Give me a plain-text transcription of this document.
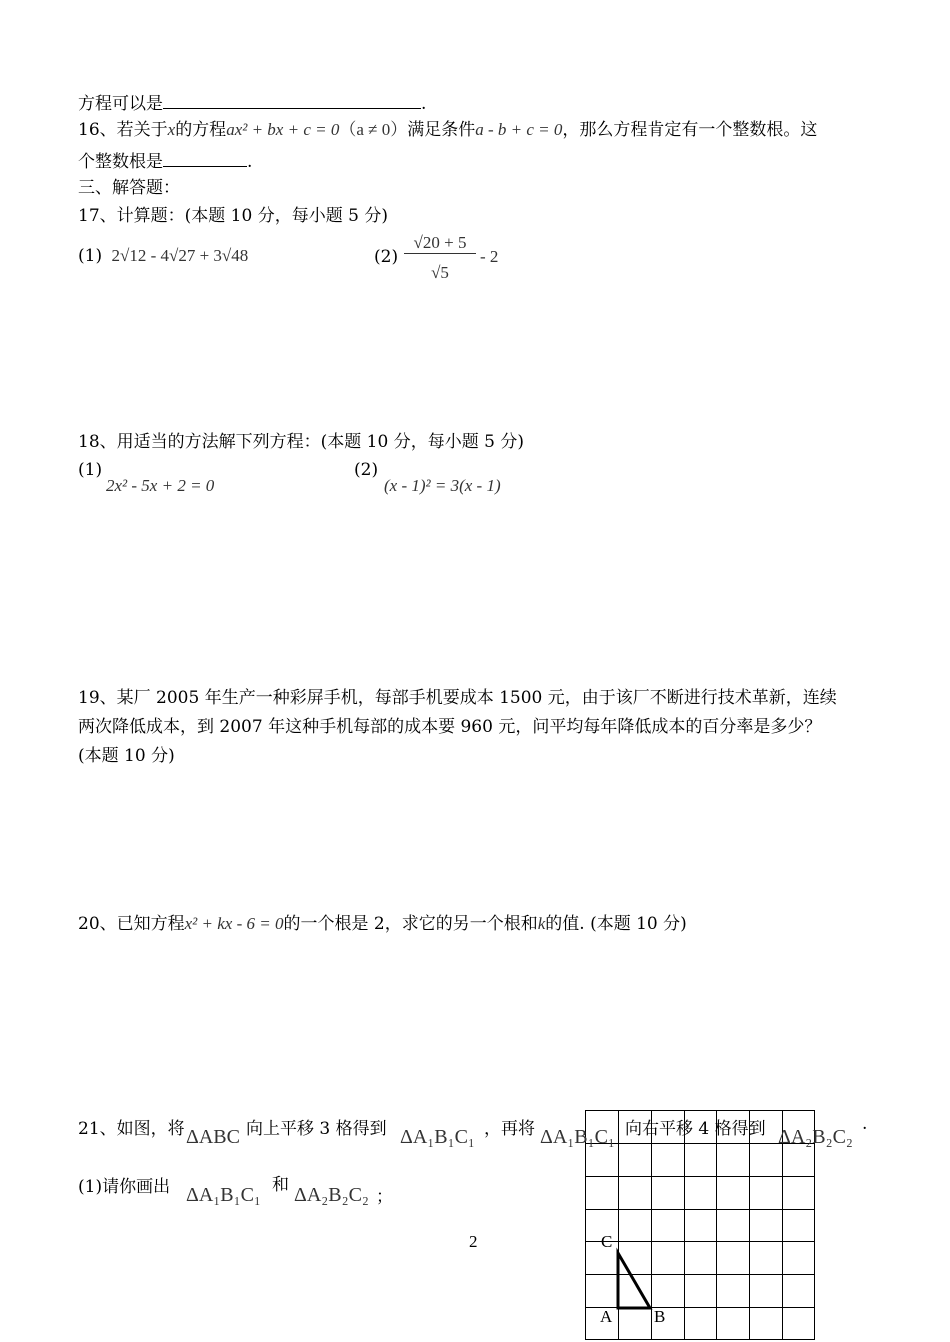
方程可以是	.
16、若关于x的方程ax² + bx + c = 0（a ≠ 0）满足条件a - b + c = 0，那么方程肯定有一个整数根。这
个整数根是	.
三、解答题：
17、计算题：(本题 10 分，每小题 5 分)
(1) 2√12 - 4√27 + 3√48	(2)
√20 + 5
√5
- 2
18、用适当的方法解下列方程：(本题 10 分，每小题 5 分)
(1)
2x² - 5x + 2 = 0
(2)
(x - 1)² = 3(x - 1)
19、某厂 2005 年生产一种彩屏手机，每部手机要成本 1500 元，由于该厂不断进行技术革新，连续
两次降低成本，到 2007 年这种手机每部的成本要 960 元，问平均每年降低成本的百分率是多少？
(本题 10 分)
20、已知方程x² + kx - 6 = 0的一个根是 2，求它的另一个根和k的值. (本题 10 分)
C
A B
21、如图，将 ΔABC 向上平移 3 格得到 ΔA₁B₁C₁ ，再将 ΔA₁B₁C₁ 向右平移 4 格得到 ΔA₂B₂C₂
.
(1)请你画出 ΔA₁B₁C₁ 和 ΔA₂B₂C₂ ；
2
